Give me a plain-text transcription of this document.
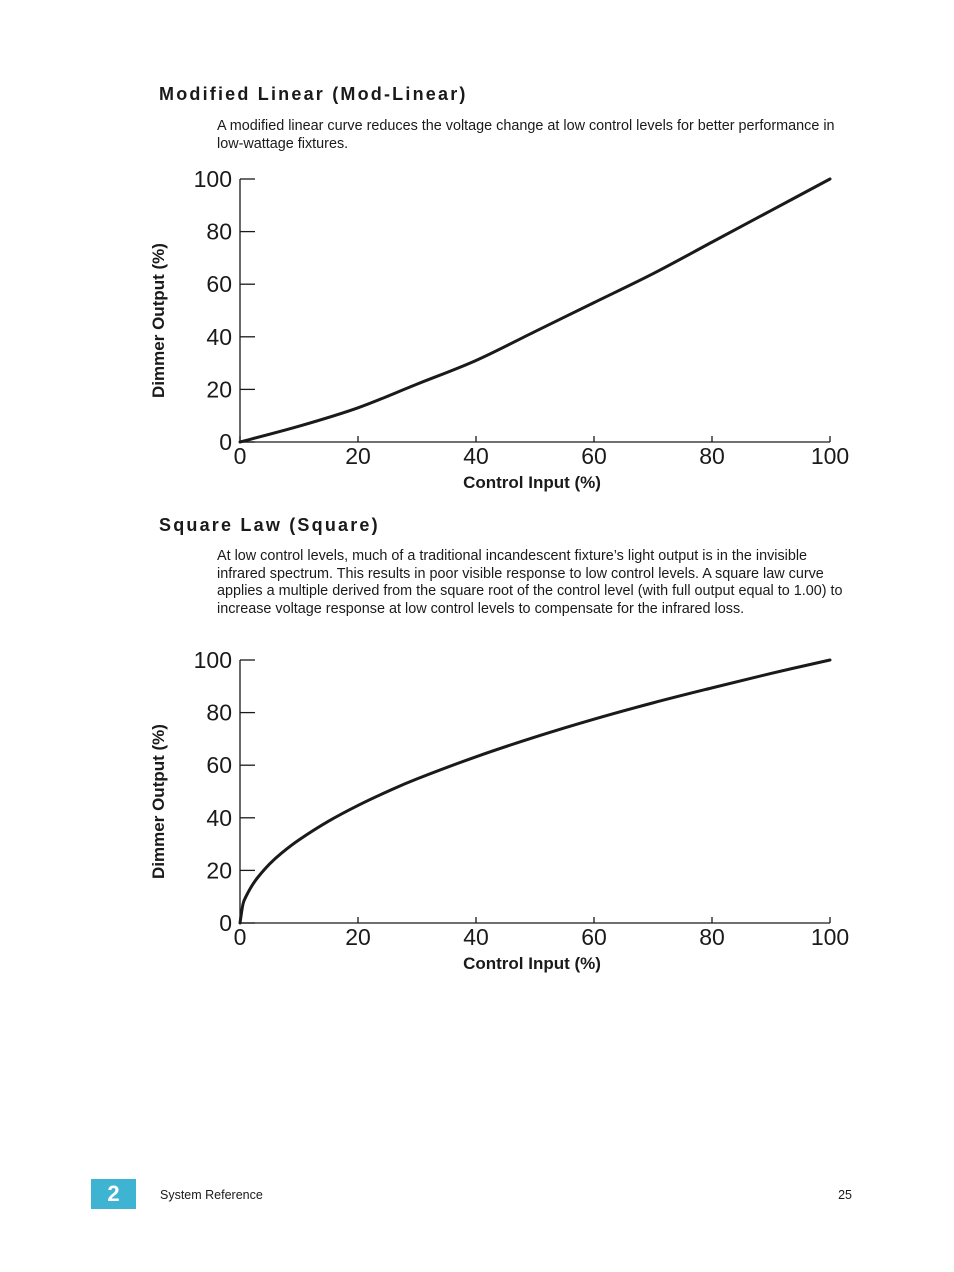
Modified Linear (Mod-Linear)

A modified linear curve reduces the voltage change at low control levels for better performance in low-wattage fixtures.

0
20
40
60
80
100
0	20	40	60	80	100
Control Input (%)
Dimmer Output (%)
Square Law (Square)

At low control levels, much of a traditional incandescent fixture’s light output is in the invisible infrared spectrum. This results in poor visible response to low control levels. A square law curve applies a multiple derived from the square root of the control level (with full output equal to 1.00) to increase voltage response at low control levels to compensate for the infrared loss.

0
20
40
60
80
100
0	20	40	60	80	100
Control Input (%)
Dimmer Output (%)
2	System Reference	25
